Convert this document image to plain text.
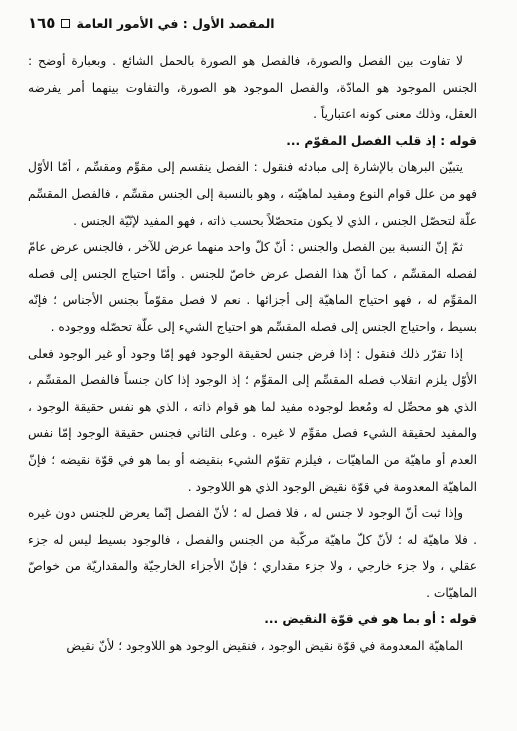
المقصد الأول : في الأمور العامة
١٦٥
لا تفاوت بين الفصل والصورة، فالفصل هو الصورة بالحمل الشائع . وبعبارة أوضح : الجنس الموجود هو المادّة، والفصل الموجود هو الصورة، والتفاوت بينهما أمر يفرضه العقل، وذلك معنى كونه اعتبارياً .
قوله : إذ قلب الفصل المقوّم ...
يتبيّن البرهان بالإشارة إلى مبادئه فنقول : الفصل ينقسم إلى مقوِّم ومقسِّم ، أمّا الأوّل فهو من علل قوام النوع ومفيد لماهيّته ، وهو بالنسبة إلى الجنس مقسِّم ، فالفصل المقسِّم علّة لتحصّل الجنس ، الذي لا يكون متحصّلاً بحسب ذاته ، فهو المفيد لإنّيّة الجنس .
ثمّ إنّ النسبة بين الفصل والجنس : أنّ كلّ واحد منهما عرض للآخر ، فالجنس عرض عامّ لفصله المقسِّم ، كما أنّ هذا الفصل عرض خاصّ للجنس . وأمّا احتياج الجنس إلى فصله المقوِّم له ، فهو احتياج الماهيّة إلى أجزائها . نعم لا فصل مقوّماً بجنس الأجناس ؛ فإنّه بسيط ، واحتياج الجنس إلى فصله المقسِّم هو احتياج الشيء إلى علّة تحصّله ووجوده .
إذا تقرّر ذلك فنقول : إذا فرض جنس لحقيقة الوجود فهو إمّا وجود أو غير الوجود فعلى الأوّل يلزم انقلاب فصله المقسِّم إلى المقوِّم ؛ إذ الوجود إذا كان جنساً فالفصل المقسِّم ، الذي هو محصِّل له ومُعط لوجوده مفيد لما هو قوام ذاته ، الذي هو نفس حقيقة الوجود ، والمفيد لحقيقة الشيء فصل مقوِّم لا غيره . وعلى الثاني فجنس حقيقة الوجود إمّا نفس العدم أو ماهيّة من الماهيّات ، فيلزم تقوّم الشيء بنقيضه أو بما هو في قوّة نقيضه ؛ فإنّ الماهيّة المعدومة في قوّة نقيض الوجود الذي هو اللاوجود .
وإذا ثبت أنّ الوجود لا جنس له ، فلا فصل له ؛ لأنّ الفصل إنّما يعرض للجنس دون غيره . فلا ماهيّة له ؛ لأنّ كلّ ماهيّة مركّبة من الجنس والفصل ، فالوجود بسيط ليس له جزء عقلي ، ولا جزء خارجي ، ولا جزء مقداري ؛ فإنّ الأجزاء الخارجيّة والمقداريّة من خواصّ الماهيّات .
قوله : أو بما هو في قوّة النقيض ...
الماهيّة المعدومة في قوّة نقيض الوجود ، فنقيض الوجود هو اللاوجود ؛ لأنّ نقيض
